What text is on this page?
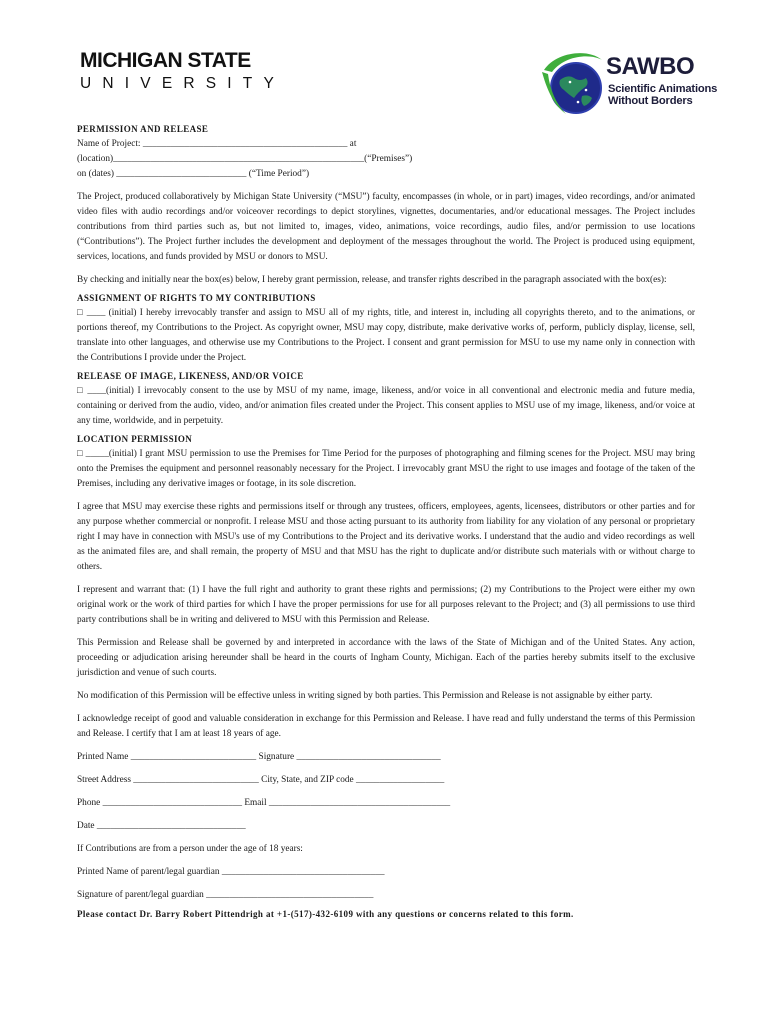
MICHIGAN STATE
UNIVERSITY
SAWBO
Scientific Animations
Without Borders

PERMISSION AND RELEASE

Name of Project: ____________________________________________ at
(location)______________________________________________________(“Premises”)
on (dates) ____________________________ (“Time Period”)

The Project, produced collaboratively by Michigan State University (“MSU”) faculty, encompasses (in whole, or in part) images, video recordings, and/or animated video files with audio recordings and/or voiceover recordings to depict storylines, vignettes, documentaries, and/or educational messages. The Project includes contributions from third parties such as, but not limited to, images, video, animations, voice recordings, audio files, and/or permission to use locations (“Contributions”). The Project further includes the development and deployment of the messages throughout the world. The Project is produced using equipment, services, locations, and funds provided by MSU or donors to MSU.

By checking and initially near the box(es) below, I hereby grant permission, release, and transfer rights described in the paragraph associated with the box(es):

ASSIGNMENT OF RIGHTS TO MY CONTRIBUTIONS

□ ____ (initial) I hereby irrevocably transfer and assign to MSU all of my rights, title, and interest in, including all copyrights thereto, and to the animations, or portions thereof, my Contributions to the Project. As copyright owner, MSU may copy, distribute, make derivative works of, perform, publicly display, license, sell, translate into other languages, and otherwise use my Contributions to the Project. I consent and grant permission for MSU to use my name only in connection with the Contributions I provide under the Project.

RELEASE OF IMAGE, LIKENESS, AND/OR VOICE

□ ____(initial) I irrevocably consent to the use by MSU of my name, image, likeness, and/or voice in all conventional and electronic media and future media, containing or derived from the audio, video, and/or animation files created under the Project. This consent applies to MSU use of my image, likeness, and/or voice at any time, worldwide, and in perpetuity.

LOCATION PERMISSION

□ _____(initial) I grant MSU permission to use the Premises for Time Period for the purposes of photographing and filming scenes for the Project. MSU may bring onto the Premises the equipment and personnel reasonably necessary for the Project. I irrevocably grant MSU the right to use images and footage of the taken of the Premises, including any derivative images or footage, in its sole discretion.

I agree that MSU may exercise these rights and permissions itself or through any trustees, officers, employees, agents, licensees, distributors or other parties and for any purpose whether commercial or nonprofit. I release MSU and those acting pursuant to its authority from liability for any violation of any personal or proprietary right I may have in connection with MSU's use of my Contributions to the Project and its derivative works. I understand that the audio and video recordings as well as the animated files are, and shall remain, the property of MSU and that MSU has the right to duplicate and/or distribute such materials with or without charge to others.

I represent and warrant that: (1) I have the full right and authority to grant these rights and permissions; (2) my Contributions to the Project were either my own original work or the work of third parties for which I have the proper permissions for use for all purposes relevant to the Project; and (3) all permissions to use third party contributions shall be in writing and delivered to MSU with this Permission and Release.

This Permission and Release shall be governed by and interpreted in accordance with the laws of the State of Michigan and of the United States. Any action, proceeding or adjudication arising hereunder shall be heard in the courts of Ingham County, Michigan. Each of the parties hereby submits itself to the exclusive jurisdiction and venue of such courts.

No modification of this Permission will be effective unless in writing signed by both parties. This Permission and Release is not assignable by either party.

I acknowledge receipt of good and valuable consideration in exchange for this Permission and Release. I have read and fully understand the terms of this Permission and Release. I certify that I am at least 18 years of age.

Printed Name ___________________________ Signature _______________________________
Street Address ___________________________ City, State, and ZIP code ___________________
Phone ______________________________ Email _______________________________________
Date ________________________________
If Contributions are from a person under the age of 18 years:
Printed Name of parent/legal guardian ___________________________________
Signature of parent/legal guardian ____________________________________

Please contact Dr. Barry Robert Pittendrigh at +1-(517)-432-6109 with any questions or concerns related to this form.
